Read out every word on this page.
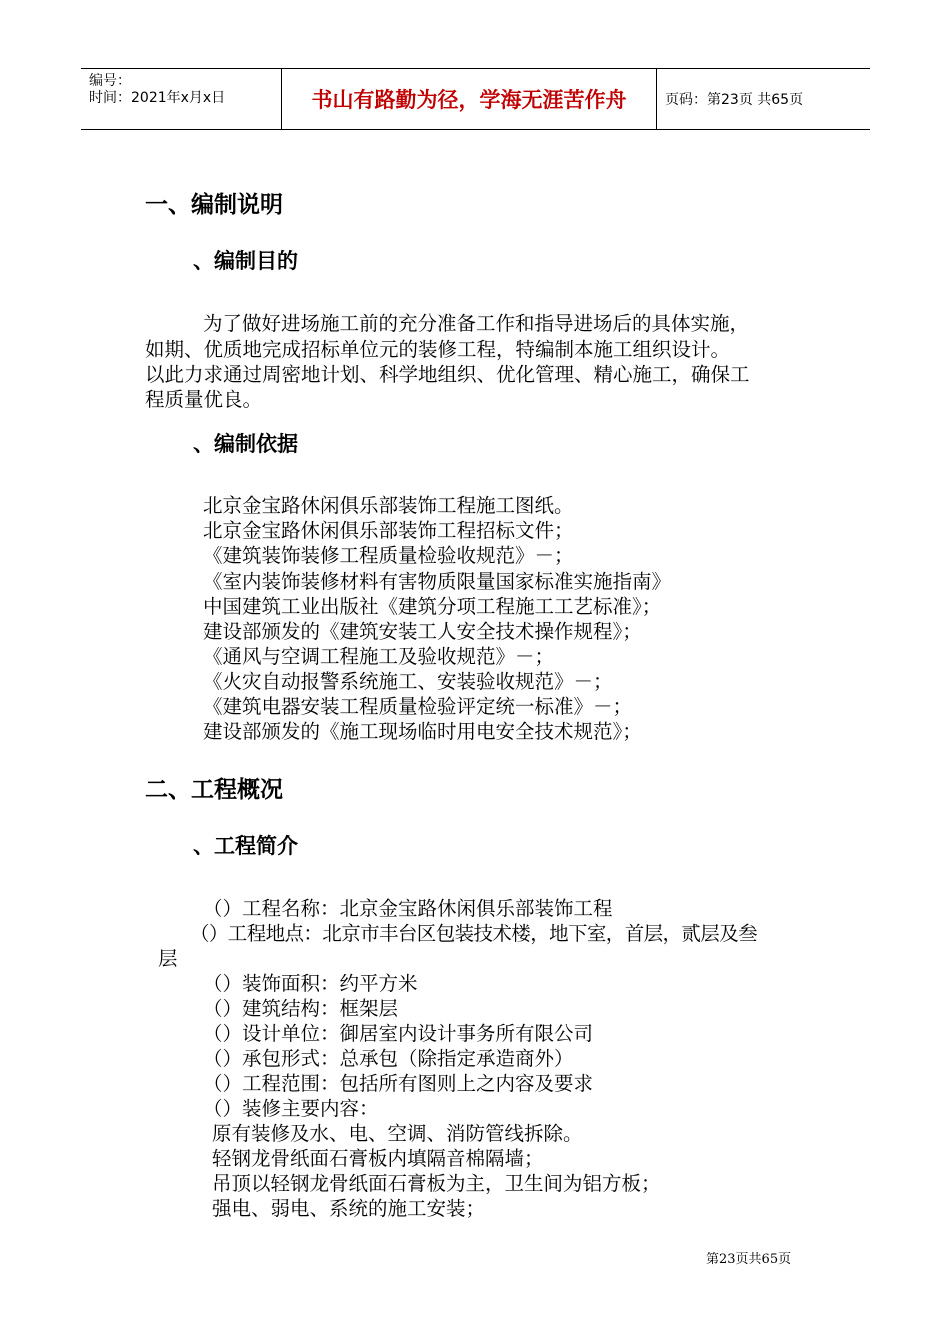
编号：
时间：2021年x月x日	书山有路勤为径，学海无涯苦作舟	页码：第23页 共65页
一、编制说明
、编制目的
为了做好进场施工前的充分准备工作和指导进场后的具体实施，
如期、优质地完成招标单位元的装修工程，特编制本施工组织设计。
以此力求通过周密地计划、科学地组织、优化管理、精心施工，确保工
程质量优良。
、编制依据
北京金宝路休闲俱乐部装饰工程施工图纸。
北京金宝路休闲俱乐部装饰工程招标文件；
《建筑装饰装修工程质量检验收规范》－；
《室内装饰装修材料有害物质限量国家标准实施指南》
中国建筑工业出版社《建筑分项工程施工工艺标准》；
建设部颁发的《建筑安装工人安全技术操作规程》；
《通风与空调工程施工及验收规范》－；
《火灾自动报警系统施工、安装验收规范》－；
《建筑电器安装工程质量检验评定统一标准》－；
建设部颁发的《施工现场临时用电安全技术规范》；
二、工程概况
、工程简介
（）工程名称：北京金宝路休闲俱乐部装饰工程
（）工程地点：北京市丰台区包装技术楼，地下室，首层，贰层及叁
层
（）装饰面积：约平方米
（）建筑结构：框架层
（）设计单位：御居室内设计事务所有限公司
（）承包形式：总承包（除指定承造商外）
（）工程范围：包括所有图则上之内容及要求
（）装修主要内容：
原有装修及水、电、空调、消防管线拆除。
轻钢龙骨纸面石膏板内填隔音棉隔墙；
吊顶以轻钢龙骨纸面石膏板为主，卫生间为铝方板；
强电、弱电、系统的施工安装；
第23页共65页
